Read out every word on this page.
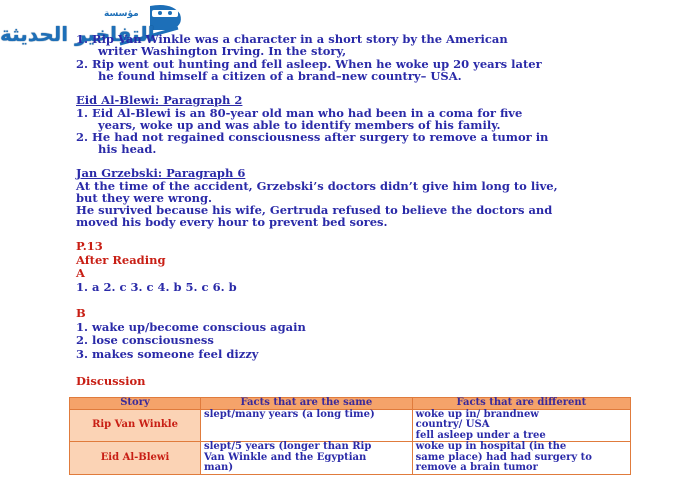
مؤسسة
التفاخير الحديثة
1. Rip Van Winkle was a character in a short story by the American
writer Washington Irving. In the story,
2. Rip went out hunting and fell asleep. When he woke up 20 years later
he found himself a citizen of a brand–new country– USA.
Eid Al-Blewi: Paragraph 2
1. Eid Al-Blewi is an 80-year old man who had been in a coma for five
years, woke up and was able to identify members of his family.
2. He had not regained consciousness after surgery to remove a tumor in
his head.
Jan Grzebski: Paragraph 6
At the time of the accident, Grzebski’s doctors didn’t give him long to live,
but they were wrong.
He survived because his wife, Gertruda refused to believe the doctors and
moved his body every hour to prevent bed sores.
P.13
After Reading
A
1. a 2. c 3. c 4. b 5. c 6. b
B
1. wake up/become conscious again
2. lose consciousness
3. makes someone feel dizzy
Discussion
Story	Facts that are the same	Facts that are different
Rip Van Winkle	slept/many years (a long time)	woke up in/ brandnew
country/ USA
fell asleep under a tree

Eid Al-Blewi	slept/5 years (longer than Rip
Van Winkle and the Egyptian
man)	woke up in hospital (in the
same place) had had surgery to
remove a brain tumor
